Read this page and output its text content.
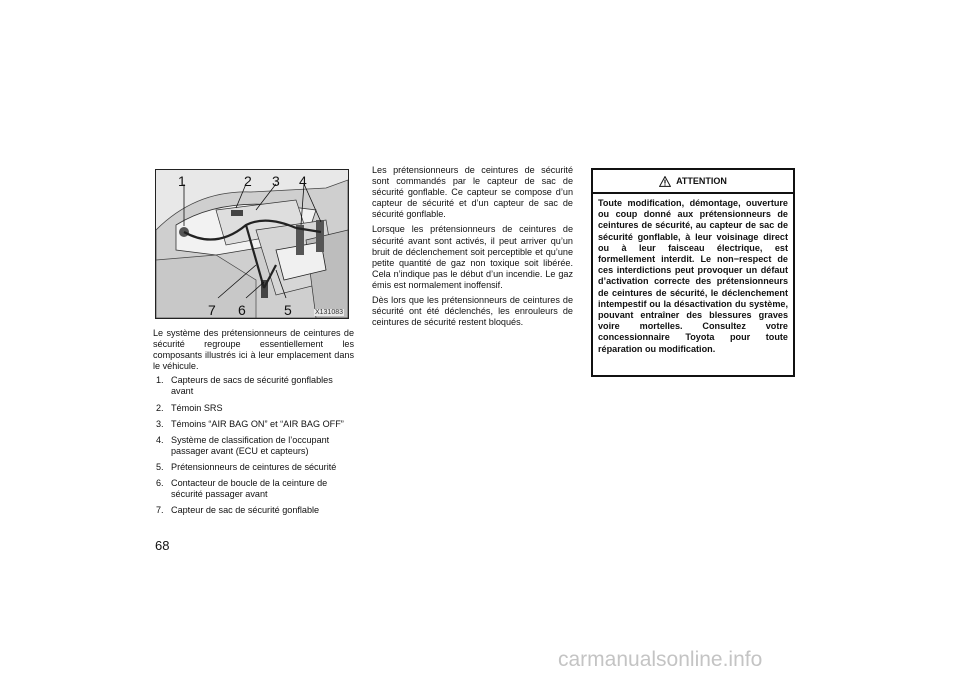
1	2 3 4
7 6	5	X131083

Le système des prétensionneurs de ceintures de sécurité regroupe essentiellement les composants illustrés ici à leur emplacement dans le véhicule.

1. Capteurs de sacs de sécurité gonflables avant
2. Témoin SRS
3. Témoins “AIR BAG ON” et “AIR BAG OFF”
4. Système de classification de l’occupant passager avant (ECU et capteurs)
5. Prétensionneurs de ceintures de sécurité
6. Contacteur de boucle de la ceinture de sécurité passager avant
7. Capteur de sac de sécurité gonflable

Les prétensionneurs de ceintures de sécurité sont commandés par le capteur de sac de sécurité gonflable. Ce capteur se compose d’un capteur de sécurité et d’un capteur de sac de sécurité gonflable.

Lorsque les prétensionneurs de ceintures de sécurité avant sont activés, il peut arriver qu’un bruit de déclenchement soit perceptible et qu’une petite quantité de gaz non toxique soit libérée. Cela n’indique pas le début d’un incendie. Le gaz émis est normalement inoffensif.

Dès lors que les prétensionneurs de ceintures de sécurité ont été déclenchés, les enrouleurs de ceintures de sécurité restent bloqués.

ATTENTION
Toute modification, démontage, ouverture ou coup donné aux prétensionneurs de ceintures de sécurité, au capteur de sac de sécurité gonflable, à leur voisinage direct ou à leur faisceau électrique, est formellement interdit. Le non−respect de ces interdictions peut provoquer un défaut d’activation correcte des prétensionneurs de ceintures de sécurité, le déclenchement intempestif ou la désactivation du système, pouvant entraîner des blessures graves voire mortelles. Consultez votre concessionnaire Toyota pour toute réparation ou modification.
68
carmanualsonline.info
